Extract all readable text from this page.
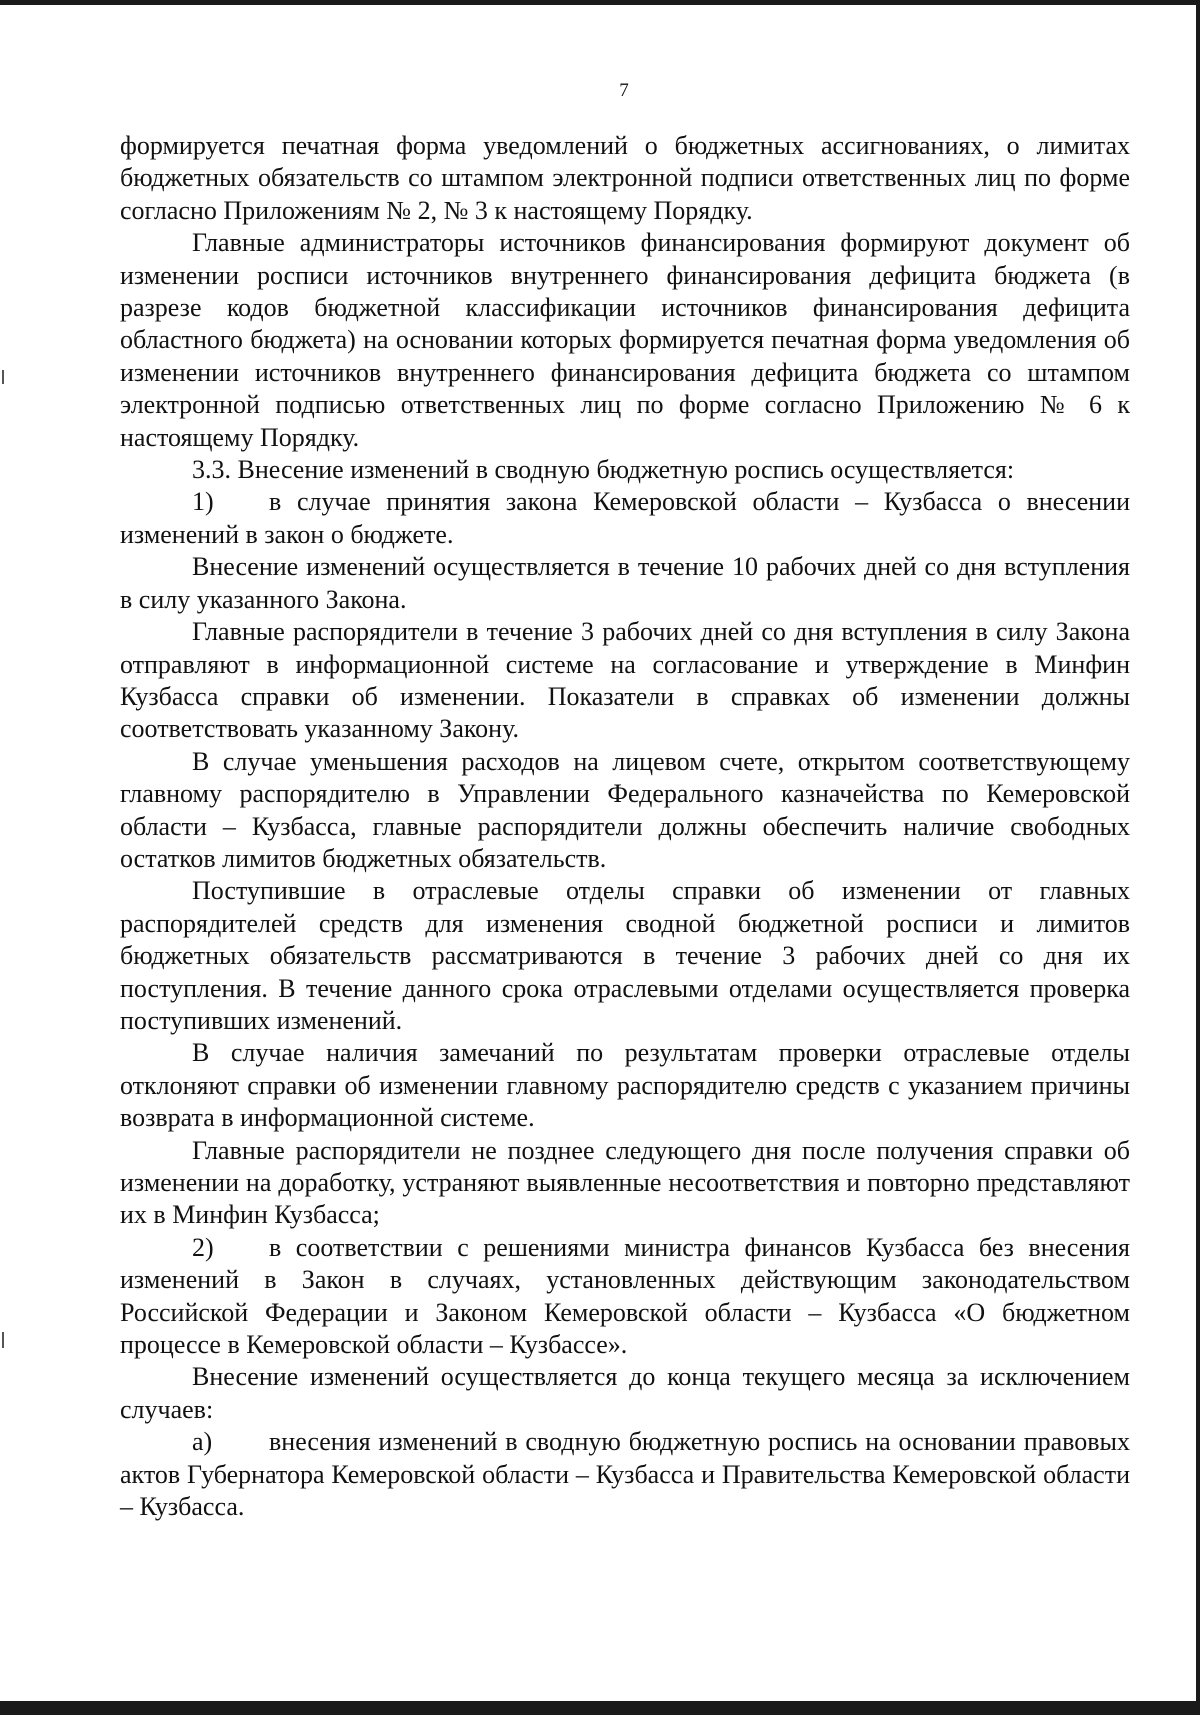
7

формируется печатная форма уведомлений о бюджетных ассигнованиях, о лимитах бюджетных обязательств со штампом электронной подписи ответственных лиц по форме согласно Приложениям № 2, № 3 к настоящему Порядку.

Главные администраторы источников финансирования формируют документ об изменении росписи источников внутреннего финансирования дефицита бюджета (в разрезе кодов бюджетной классификации источников финансирования дефицита областного бюджета) на основании которых формируется печатная форма уведомления об изменении источников внутреннего финансирования дефицита бюджета со штампом электронной подписью ответственных лиц по форме согласно Приложению № 6 к настоящему Порядку.

3.3. Внесение изменений в сводную бюджетную роспись осуществляется:

1) в случае принятия закона Кемеровской области – Кузбасса о внесении изменений в закон о бюджете.

Внесение изменений осуществляется в течение 10 рабочих дней со дня вступления в силу указанного Закона.

Главные распорядители в течение 3 рабочих дней со дня вступления в силу Закона отправляют в информационной системе на согласование и утверждение в Минфин Кузбасса справки об изменении. Показатели в справках об изменении должны соответствовать указанному Закону.

В случае уменьшения расходов на лицевом счете, открытом соответствующему главному распорядителю в Управлении Федерального казначейства по Кемеровской области – Кузбасса, главные распорядители должны обеспечить наличие свободных остатков лимитов бюджетных обязательств.

Поступившие в отраслевые отделы справки об изменении от главных распорядителей средств для изменения сводной бюджетной росписи и лимитов бюджетных обязательств рассматриваются в течение 3 рабочих дней со дня их поступления. В течение данного срока отраслевыми отделами осуществляется проверка поступивших изменений.

В случае наличия замечаний по результатам проверки отраслевые отделы отклоняют справки об изменении главному распорядителю средств с указанием причины возврата в информационной системе.

Главные распорядители не позднее следующего дня после получения справки об изменении на доработку, устраняют выявленные несоответствия и повторно представляют их в Минфин Кузбасса;

2) в соответствии с решениями министра финансов Кузбасса без внесения изменений в Закон в случаях, установленных действующим законодательством Российской Федерации и Законом Кемеровской области – Кузбасса «О бюджетном процессе в Кемеровской области – Кузбассе».

Внесение изменений осуществляется до конца текущего месяца за исключением случаев:

а) внесения изменений в сводную бюджетную роспись на основании правовых актов Губернатора Кемеровской области – Кузбасса и Правительства Кемеровской области – Кузбасса.
